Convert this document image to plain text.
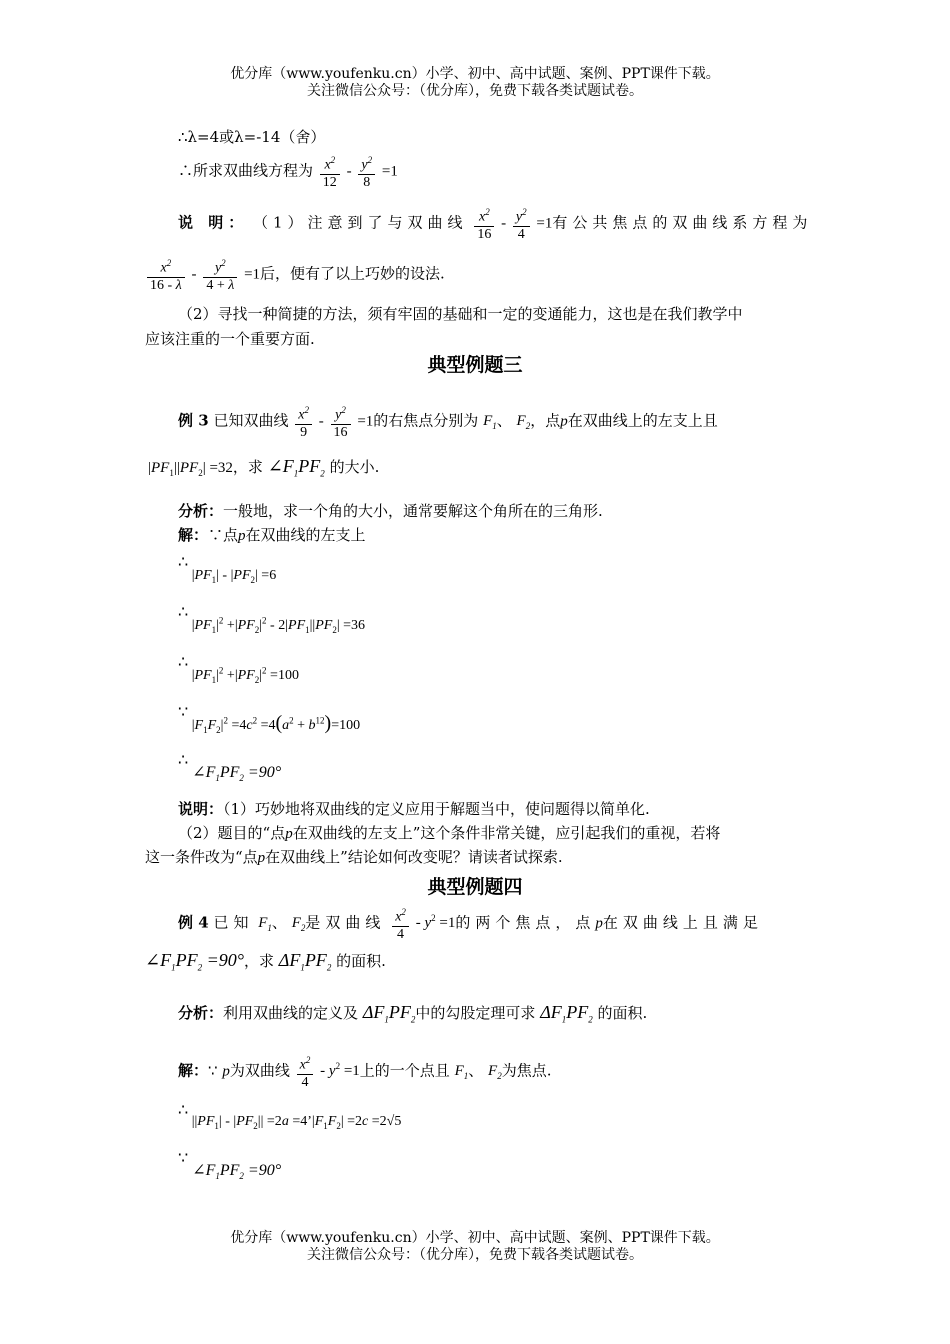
优分库（www.youfenku.cn）小学、初中、高中试题、案例、PPT课件下载。
关注微信公众号：（优分库），免费下载各类试题试卷。
∴λ=4或λ=-14（舍）
∴所求双曲线方程为 $\frac{x^2}{12} - \frac{y^2}{8} =1$
说 明： （1）注意到了与双曲线 $\frac{x^2}{16} - \frac{y^2}{4} =1$有公共焦点的双曲线系方程为
$\frac{x^2}{16 - \lambda} - \frac{y^2}{4 + \lambda} =1$后，便有了以上巧妙的设法.
（2）寻找一种简捷的方法，须有牢固的基础和一定的变通能力，这也是在我们教学中
应该注重的一个重要方面.
典型例题三
例 3 已知双曲线 $\frac{x^2}{9} - \frac{y^2}{16} =1$的右焦点分别为 $F_1$、 $F_2$，点p在双曲线上的左支上且
$|PF_1||PF_2| =32$，求 $\angle F_1PF_2$ 的大小.
分析：一般地，求一个角的大小，通常要解这个角所在的三角形.
解：∵点p在双曲线的左支上
∴ $|PF_1| - |PF_2| =6$
∴ $|PF_1|^2 +|PF_2|^2 - 2|PF_1||PF_2| =36$
∴ $|PF_1|^2 +|PF_2|^2 =100$
∵ $|F_1F_2|^2 =4c^2 =4(a^2 + b^{12})=100$
∴ $\angle F_1PF_2 =90^\circ$
说明：（1）巧妙地将双曲线的定义应用于解题当中，使问题得以简单化.
（2）题目的“点p在双曲线的左支上”这个条件非常关键，应引起我们的重视，若将
这一条件改为“点p在双曲线上”结论如何改变呢？请读者试探索.
典型例题四
例 4 已知 $F_1$、 $F_2$是双曲线 $\frac{x^2}{4} - y^2 =1$的两个焦点，点p在双曲线上且满足
$\angle F_1PF_2 =90^\circ$，求 $\Delta F_1PF_2$ 的面积.
分析：利用双曲线的定义及 $\Delta F_1PF_2$中的勾股定理可求 $\Delta F_1PF_2$ 的面积.
解：∵ p为双曲线 $\frac{x^2}{4} - y^2 =1$上的一个点且 $F_1$、 $F_2$为焦点.
∴ $||PF_1| - |PF_2|| =2a$ $=4’|F_1F_2| =2c =2√5$
∵ $\angle F_1PF_2 =90^\circ$
优分库（www.youfenku.cn）小学、初中、高中试题、案例、PPT课件下载。
关注微信公众号：（优分库），免费下载各类试题试卷。
